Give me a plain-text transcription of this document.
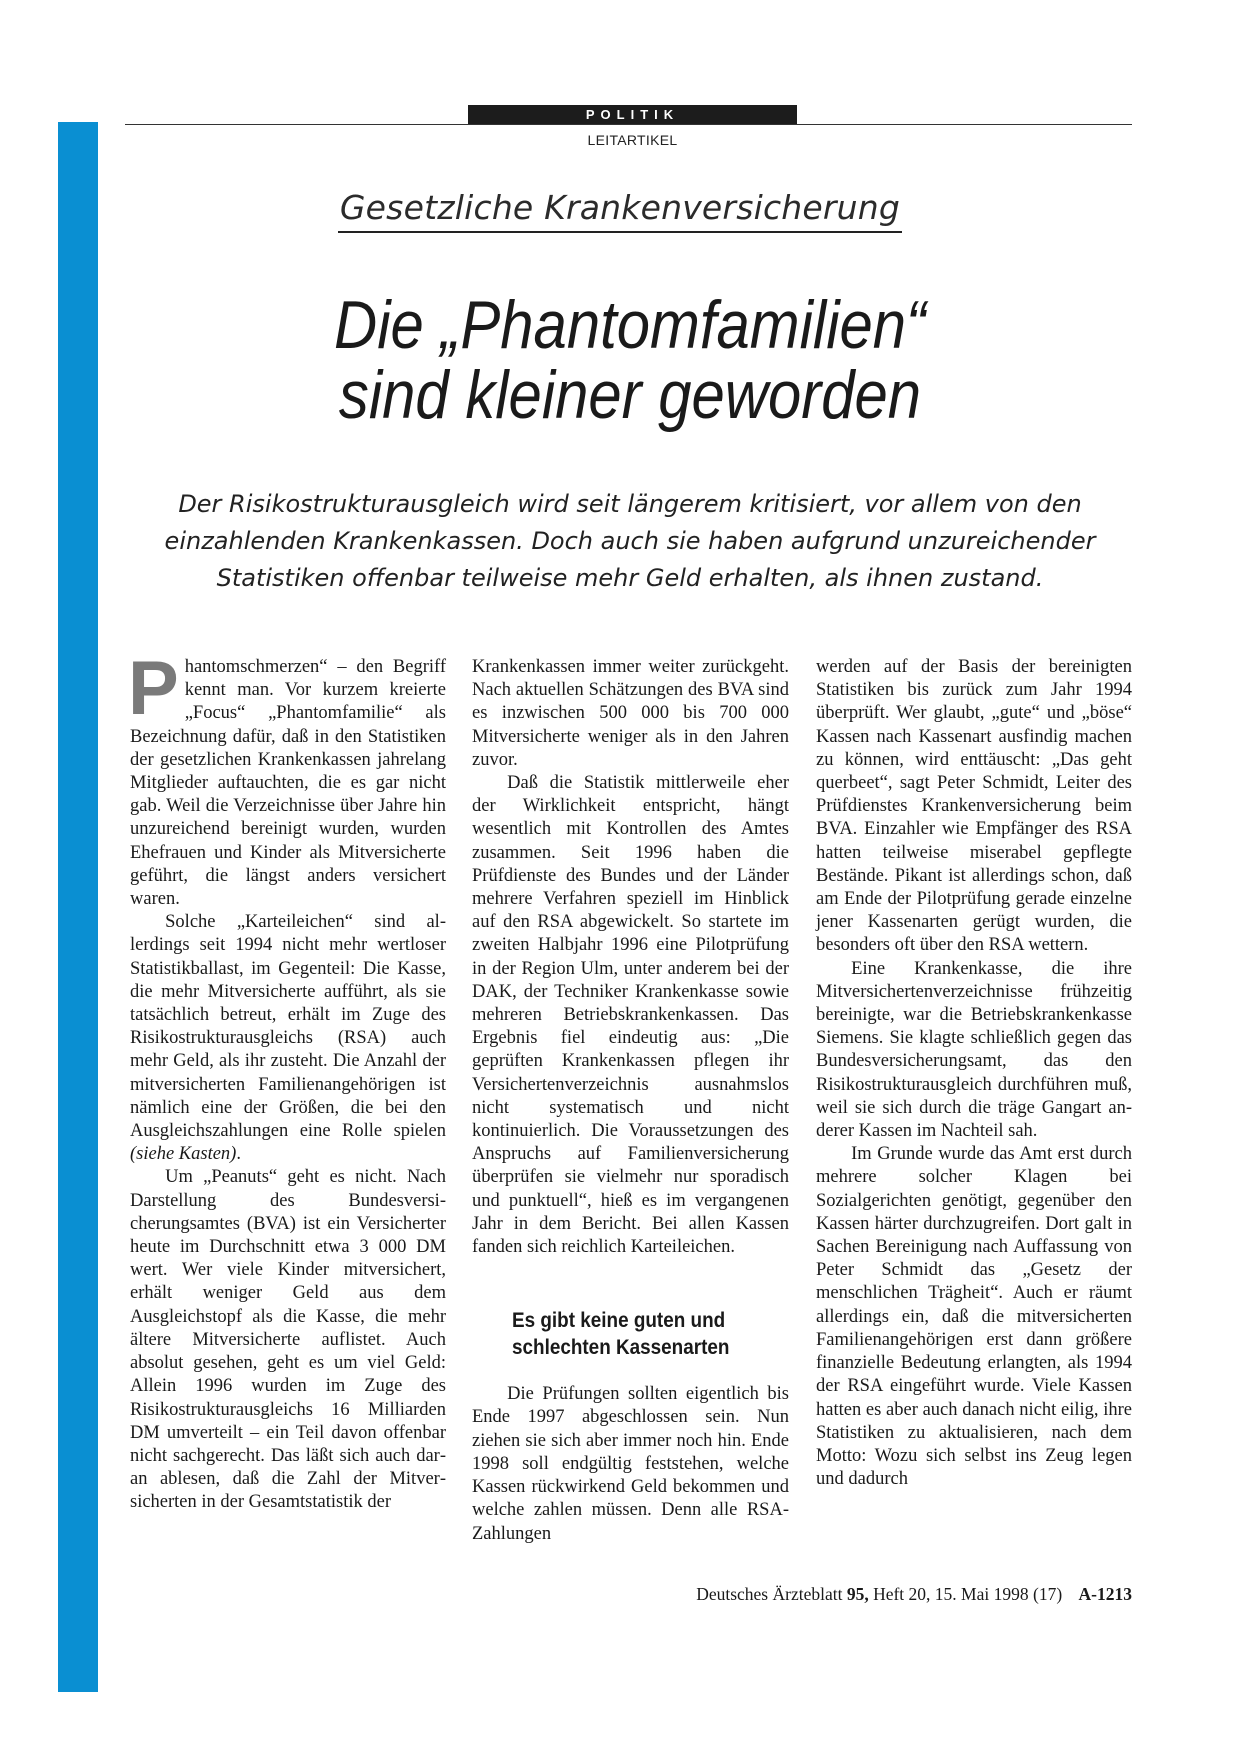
POLITIK
LEITARTIKEL
Gesetzliche Krankenversicherung
Die „Phantomfamilien“
sind kleiner geworden
Der Risikostrukturausgleich wird seit längerem kritisiert, vor allem von den
einzahlenden Krankenkassen. Doch auch sie haben aufgrund unzureichender
Statistiken offenbar teilweise mehr Geld erhalten, als ihnen zustand.

Phantomschmerzen“ – den Begriff kennt man. Vor kurzem kreierte „Focus“ „Phantomfamilie“ als Bezeichnung dafür, daß in den Statistiken der gesetzlichen Krankenkassen jahrelang Mitglieder auftauchten, die es gar nicht gab. Weil die Verzeichnisse über Jahre hin unzureichend bereinigt wurden, wurden Ehefrauen und Kinder als Mitversicherte geführt, die längst anders versichert waren.

Solche „Karteileichen“ sind allerdings seit 1994 nicht mehr wertloser Statistikballast, im Gegenteil: Die Kasse, die mehr Mitversicherte aufführt, als sie tatsächlich betreut, erhält im Zuge des Risikostrukturausgleichs (RSA) auch mehr Geld, als ihr zusteht. Die Anzahl der mitversicherten Familienangehörigen ist nämlich eine der Größen, die bei den Ausgleichszahlungen eine Rolle spielen (siehe Kasten).

Um „Peanuts“ geht es nicht. Nach Darstellung des Bundesversicherungsamtes (BVA) ist ein Versicherter heute im Durchschnitt etwa 3 000 DM wert. Wer viele Kinder mitversichert, erhält weniger Geld aus dem Ausgleichstopf als die Kasse, die mehr ältere Mitversicherte auflistet. Auch absolut gesehen, geht es um viel Geld: Allein 1996 wurden im Zuge des Risikostrukturausgleichs 16 Milliarden DM umverteilt – ein Teil davon offenbar nicht sachgerecht. Das läßt sich auch daran ablesen, daß die Zahl der Mitversicherten in der Gesamtstatistik der

Krankenkassen immer weiter zurückgeht. Nach aktuellen Schätzungen des BVA sind es inzwischen 500 000 bis 700 000 Mitversicherte weniger als in den Jahren zuvor.

Daß die Statistik mittlerweile eher der Wirklichkeit entspricht, hängt wesentlich mit Kontrollen des Amtes zusammen. Seit 1996 haben die Prüfdienste des Bundes und der Länder mehrere Verfahren speziell im Hinblick auf den RSA abgewickelt. So startete im zweiten Halbjahr 1996 eine Pilotprüfung in der Region Ulm, unter anderem bei der DAK, der Techniker Krankenkasse sowie mehreren Betriebskrankenkassen. Das Ergebnis fiel eindeutig aus: „Die geprüften Krankenkassen pflegen ihr Versichertenverzeichnis ausnahmslos nicht systematisch und nicht kontinuierlich. Die Voraussetzungen des Anspruchs auf Familienversicherung überprüfen sie vielmehr nur sporadisch und punktuell“, hieß es im vergangenen Jahr in dem Bericht. Bei allen Kassen fanden sich reichlich Karteileichen.

Es gibt keine guten und
schlechten Kassenarten

Die Prüfungen sollten eigentlich bis Ende 1997 abgeschlossen sein. Nun ziehen sie sich aber immer noch hin. Ende 1998 soll endgültig feststehen, welche Kassen rückwirkend Geld bekommen und welche zahlen müssen. Denn alle RSA-Zahlungen

werden auf der Basis der bereinigten Statistiken bis zurück zum Jahr 1994 überprüft. Wer glaubt, „gute“ und „böse“ Kassen nach Kassenart ausfindig machen zu können, wird enttäuscht: „Das geht querbeet“, sagt Peter Schmidt, Leiter des Prüfdienstes Krankenversicherung beim BVA. Einzahler wie Empfänger des RSA hatten teilweise miserabel gepflegte Bestände. Pikant ist allerdings schon, daß am Ende der Pilotprüfung gerade einzelne jener Kassenarten gerügt wurden, die besonders oft über den RSA wettern.

Eine Krankenkasse, die ihre Mitversichertenverzeichnisse frühzeitig bereinigte, war die Betriebskrankenkasse Siemens. Sie klagte schließlich gegen das Bundesversicherungsamt, das den Risikostrukturausgleich durchführen muß, weil sie sich durch die träge Gangart anderer Kassen im Nachteil sah.

Im Grunde wurde das Amt erst durch mehrere solcher Klagen bei Sozialgerichten genötigt, gegenüber den Kassen härter durchzugreifen. Dort galt in Sachen Bereinigung nach Auffassung von Peter Schmidt das „Gesetz der menschlichen Trägheit“. Auch er räumt allerdings ein, daß die mitversicherten Familienangehörigen erst dann größere finanzielle Bedeutung erlangten, als 1994 der RSA eingeführt wurde. Viele Kassen hatten es aber auch danach nicht eilig, ihre Statistiken zu aktualisieren, nach dem Motto: Wozu sich selbst ins Zeug legen und dadurch

Deutsches Ärzteblatt 95, Heft 20, 15. Mai 1998 (17) A-1213
